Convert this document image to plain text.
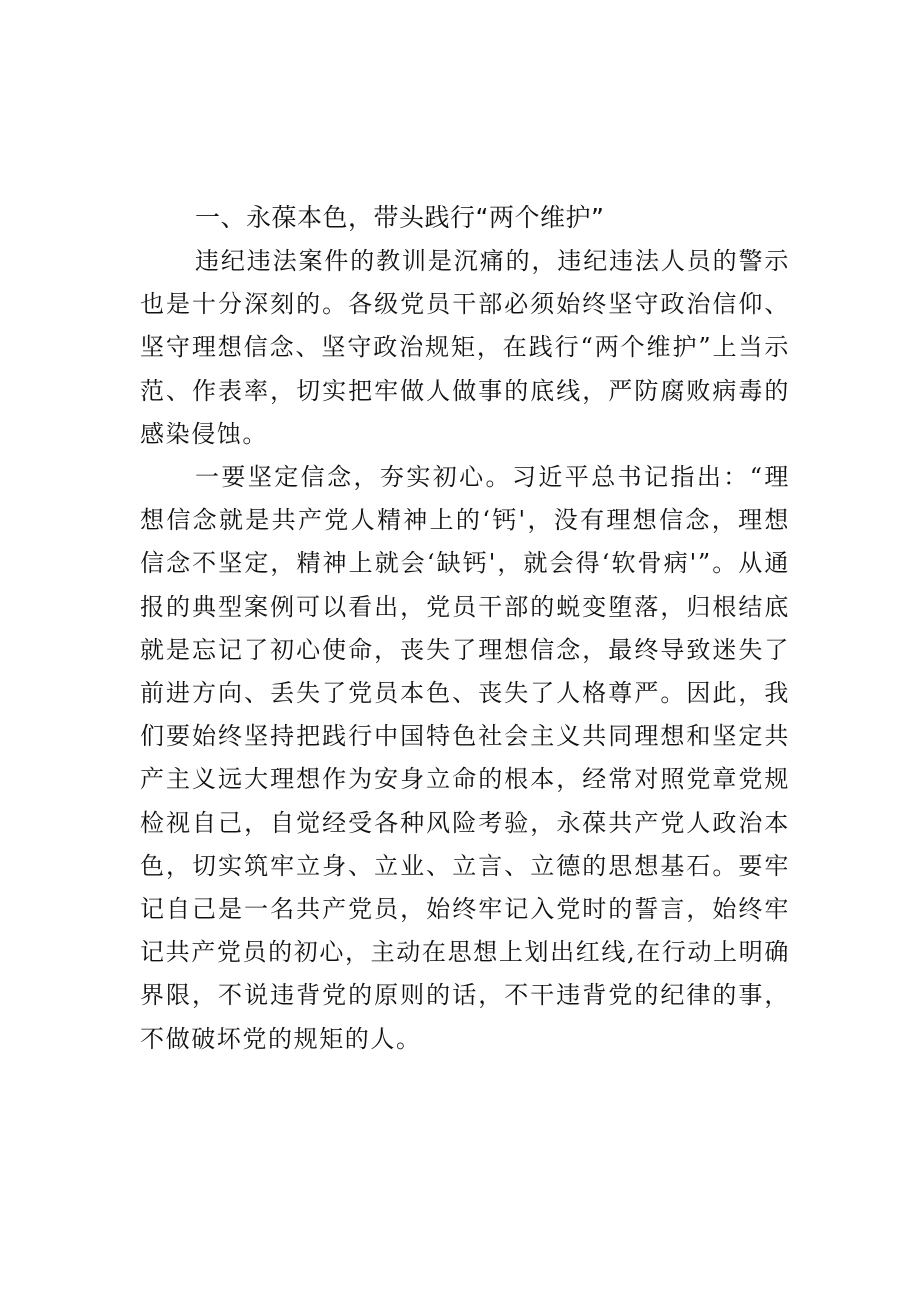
一、永葆本色，带头践行“两个维护”

违纪违法案件的教训是沉痛的，违纪违法人员的警示也是十分深刻的。各级党员干部必须始终坚守政治信仰、坚守理想信念、坚守政治规矩，在践行“两个维护”上当示范、作表率，切实把牢做人做事的底线，严防腐败病毒的感染侵蚀。

一要坚定信念，夯实初心。习近平总书记指出：“理想信念就是共产党人精神上的‘钙'，没有理想信念，理想信念不坚定，精神上就会‘缺钙'，就会得‘软骨病'”。从通报的典型案例可以看出，党员干部的蜕变堕落，归根结底就是忘记了初心使命，丧失了理想信念，最终导致迷失了前进方向、丢失了党员本色、丧失了人格尊严。因此，我们要始终坚持把践行中国特色社会主义共同理想和坚定共产主义远大理想作为安身立命的根本，经常对照党章党规检视自己，自觉经受各种风险考验，永葆共产党人政治本色，切实筑牢立身、立业、立言、立德的思想基石。要牢记自己是一名共产党员，始终牢记入党时的誓言，始终牢记共产党员的初心，主动在思想上划出红线,在行动上明确界限，不说违背党的原则的话，不干违背党的纪律的事，不做破坏党的规矩的人。
